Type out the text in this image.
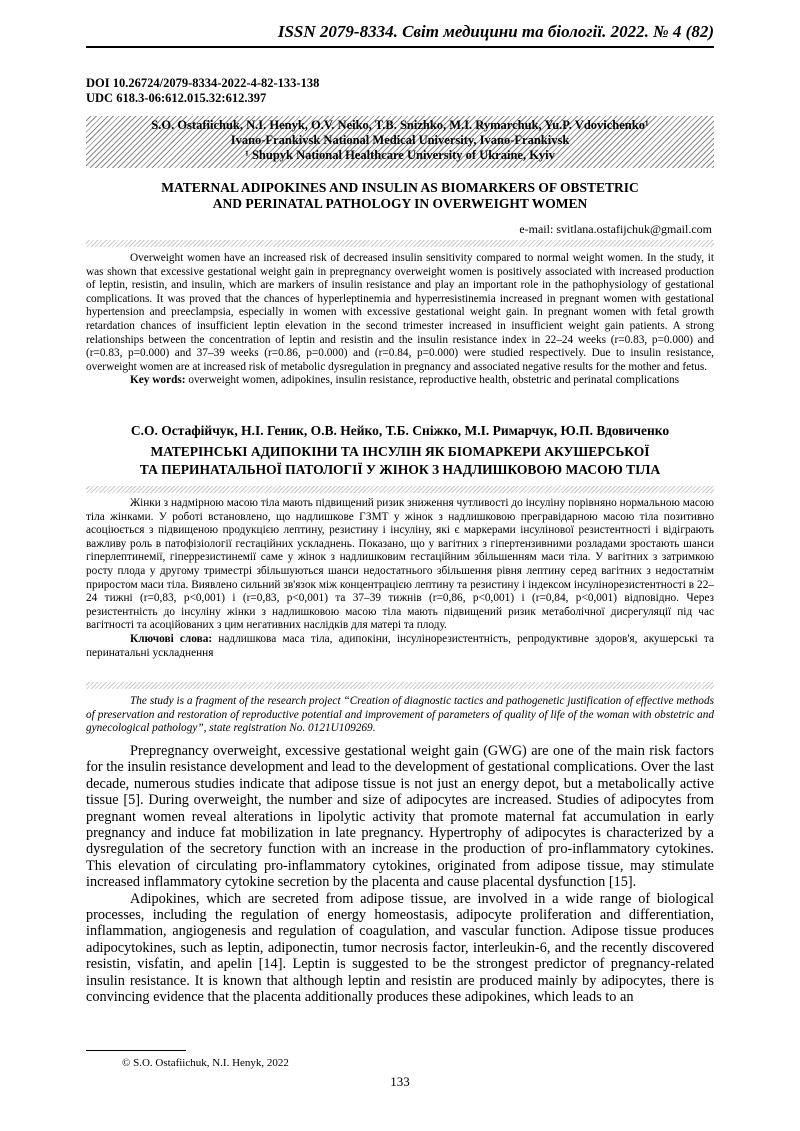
ISSN 2079-8334. Світ медицини та біології. 2022. № 4 (82)
DOI 10.26724/2079-8334-2022-4-82-133-138
UDC 618.3-06:612.015.32:612.397
S.O. Ostafiichuk, N.I. Henyk, O.V. Neiko, T.B. Snizhko, M.I. Rymarchuk, Yu.P. Vdovichenko¹
Ivano-Frankivsk National Medical University, Ivano-Frankivsk
¹ Shupyk National Healthcare University of Ukraine, Kyiv
MATERNAL ADIPOKINES AND INSULIN AS BIOMARKERS OF OBSTETRIC
AND PERINATAL PATHOLOGY IN OVERWEIGHT WOMEN
e-mail: svitlana.ostafijchuk@gmail.com

Overweight women have an increased risk of decreased insulin sensitivity compared to normal weight women. In the study, it was shown that excessive gestational weight gain in prepregnancy overweight women is positively associated with increased production of leptin, resistin, and insulin, which are markers of insulin resistance and play an important role in the pathophysiology of gestational complications. It was proved that the chances of hyperleptinemia and hyperresistinemia increased in pregnant women with gestational hypertension and preeclampsia, especially in women with excessive gestational weight gain. In pregnant women with fetal growth retardation chances of insufficient leptin elevation in the second trimester increased in insufficient weight gain patients. A strong relationships between the concentration of leptin and resistin and the insulin resistance index in 22–24 weeks (r=0.83, p=0.000) and (r=0.83, p=0.000) and 37–39 weeks (r=0.86, p=0.000) and (r=0.84, p=0.000) were studied respectively. Due to insulin resistance, overweight women are at increased risk of metabolic dysregulation in pregnancy and associated negative results for the mother and fetus.

Key words: overweight women, adipokines, insulin resistance, reproductive health, obstetric and perinatal complications

С.О. Остафійчук, Н.І. Геник, О.В. Нейко, Т.Б. Сніжко, М.І. Римарчук, Ю.П. Вдовиченко
МАТЕРІНСЬКІ АДИПОКІНИ ТА ІНСУЛІН ЯК БІОМАРКЕРИ АКУШЕРСЬКОЇ
ТА ПЕРИНАТАЛЬНОЇ ПАТОЛОГІЇ У ЖІНОК З НАДЛИШКОВОЮ МАСОЮ ТІЛА

Жінки з надмірною масою тіла мають підвищений ризик зниження чутливості до інсуліну порівняно нормальною масою тіла жінками. У роботі встановлено, що надлишкове ГЗМТ у жінок з надлишковою прегравідарною масою тіла позитивно асоціюється з підвищеною продукцією лептину, резистину і інсуліну, які є маркерами інсулінової резистентності і відіграють важливу роль в патофізіології гестаційних ускладнень. Показано, що у вагітних з гіпертензивними розладами зростають шанси гіперлептинемії, гіперрезистинемії саме у жінок з надлишковим гестаційним збільшенням маси тіла. У вагітних з затримкою росту плода у другому триместрі збільшуються шанси недостатнього збільшення рівня лептину серед вагітних з недостатнім приростом маси тіла. Виявлено сильний зв'язок між концентрацією лептину та резистину і індексом інсулінорезистентності в 22–24 тижні (r=0,83, p<0,001) і (r=0,83, p<0,001) та 37–39 тижнів (r=0,86, p<0,001) і (r=0,84, p<0,001) відповідно. Через резистентність до інсуліну жінки з надлишковою масою тіла мають підвищений ризик метаболічної дисрегуляції під час вагітності та асоційованих з цим негативних наслідків для матері та плоду.

Ключові слова: надлишкова маса тіла, адипокіни, інсулінорезистентність, репродуктивне здоров'я, акушерські та перинатальні ускладнення

The study is a fragment of the research project “Creation of diagnostic tactics and pathogenetic justification of effective methods of preservation and restoration of reproductive potential and improvement of parameters of quality of life of the woman with obstetric and gynecological pathology”, state registration No. 0121U109269.

Prepregnancy overweight, excessive gestational weight gain (GWG) are one of the main risk factors for the insulin resistance development and lead to the development of gestational complications. Over the last decade, numerous studies indicate that adipose tissue is not just an energy depot, but a metabolically active tissue [5]. During overweight, the number and size of adipocytes are increased. Studies of adipocytes from pregnant women reveal alterations in lipolytic activity that promote maternal fat accumulation in early pregnancy and induce fat mobilization in late pregnancy. Hypertrophy of adipocytes is characterized by a dysregulation of the secretory function with an increase in the production of pro-inflammatory cytokines. This elevation of circulating pro-inflammatory cytokines, originated from adipose tissue, may stimulate increased inflammatory cytokine secretion by the placenta and cause placental dysfunction [15].

Adipokines, which are secreted from adipose tissue, are involved in a wide range of biological processes, including the regulation of energy homeostasis, adipocyte proliferation and differentiation, inflammation, angiogenesis and regulation of coagulation, and vascular function. Adipose tissue produces adipocytokines, such as leptin, adiponectin, tumor necrosis factor, interleukin-6, and the recently discovered resistin, visfatin, and apelin [14]. Leptin is suggested to be the strongest predictor of pregnancy-related insulin resistance. It is known that although leptin and resistin are produced mainly by adipocytes, there is convincing evidence that the placenta additionally produces these adipokines, which leads to an

© S.O. Ostafiichuk, N.I. Henyk, 2022
133
